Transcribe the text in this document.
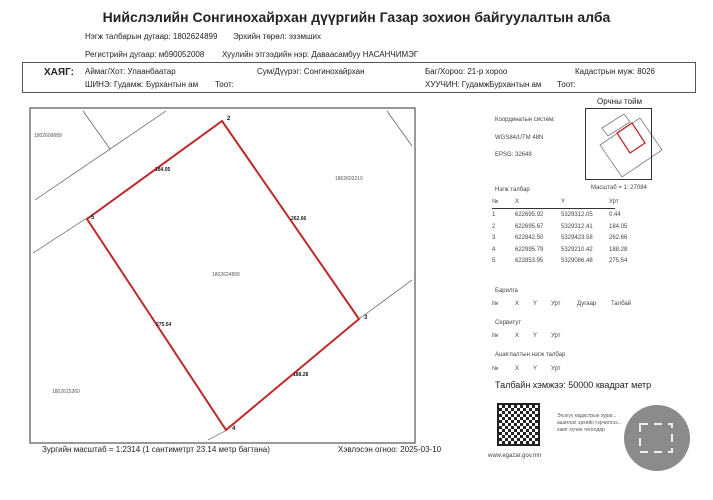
Нийслэлийн Сонгинохайрхан дүүргийн Газар зохион байгуулалтын алба
Нэгж талбарын дугаар: 1802624899 Эрхийн төрөл: эзэмших
Регистрийн дугаар: мб90052008 Хуулийн этгээдийн нэр: Даваасамбуу НАСАНЧИМЭГ
ХАЯГ: Аймаг/Хот: Улаанбаатар	Сум/Дүүрэг: Сонгинохайрхан	Баг/Хороо: 21-р хороо	Кадастрын муж: 8026
ШИНЭ: Гудамж: Бурхантын ам Тоот:	ХУУЧИН: ГудамжБурхантын ам Тоот:
1802609689
1802603210
1802624899
1802615260
2
3
4
5
184.05
262.66
188.28
275.54
Зургийн масштаб = 1:2314 (1 сантиметрт 23.14 метр багтана)	Хэвлэсэн огноо: 2025-03-10
Орчны тойм
Масштаб = 1: 27084
Координатын систем:
WGS84/UTM 48N
EPSG: 32648
Нэгж талбар
№	X	Y	Урт
1	622695.92	5329312.05	0.44
2	622695.67	5329312.41	184.05
3	622842.50	5329423.58	262.66
4	622995.79	5329210.42	188.28
5	622853.95	5329086.48	275.54
Барилга
№	X Y Урт	Дугаар Талбай
Сервитут
№	X Y Урт
Ашиглалтын нэгж талбар
№	X Y Урт
Талбайн хэмжээ: 50000 квадрат метр
www.egazar.gov.mn
Энэхүү кадастрын зураг...
ашиглах эрхийн гэрчилгээ...
хамт хүчин төгөлдөр
